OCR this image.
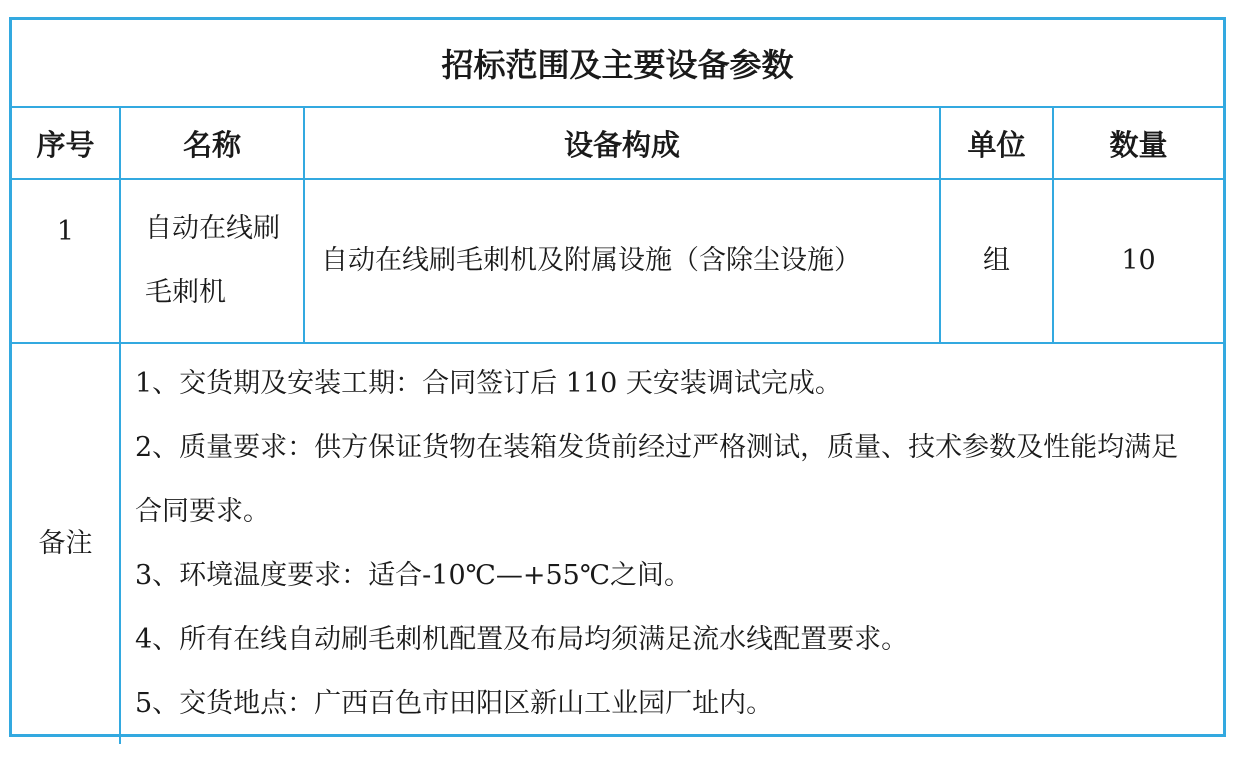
招标范围及主要设备参数				
序号	名称	设备构成	单位	数量
1	自动在线刷毛刺机	自动在线刷毛刺机及附属设施（含除尘设施）	组	10
备注	1、交货期及安装工期：合同签订后 110 天安装调试完成。
2、质量要求：供方保证货物在装箱发货前经过严格测试，质量、技术参数及性能均满足合同要求。
3、环境温度要求：适合-10℃—+55℃之间。
4、所有在线自动刷毛刺机配置及布局均须满足流水线配置要求。
5、交货地点：广西百色市田阳区新山工业园厂址内。			
